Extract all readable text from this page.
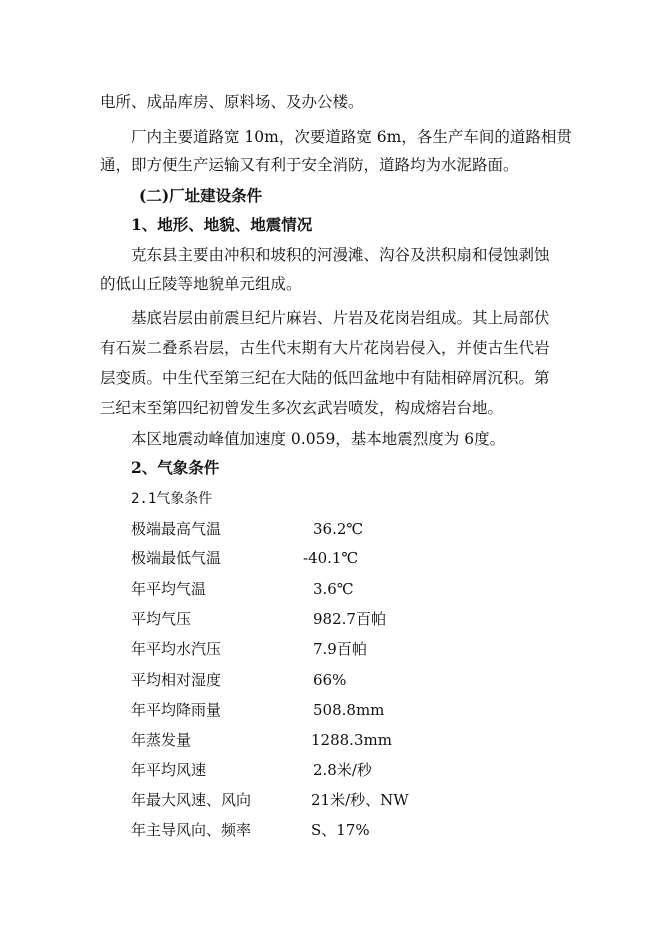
电所、成品库房、原料场、及办公楼。
厂内主要道路宽 10m，次要道路宽 6m，各生产车间的道路相贯
通，即方便生产运输又有利于安全消防，道路均为水泥路面。
(二)厂址建设条件
1、地形、地貌、地震情况
克东县主要由冲积和坡积的河漫滩、沟谷及洪积扇和侵蚀剥蚀
的低山丘陵等地貌单元组成。
基底岩层由前震旦纪片麻岩、片岩及花岗岩组成。其上局部伏
有石炭二叠系岩层，古生代末期有大片花岗岩侵入，并使古生代岩
层变质。中生代至第三纪在大陆的低凹盆地中有陆相碎屑沉积。第
三纪末至第四纪初曾发生多次玄武岩喷发，构成熔岩台地。
本区地震动峰值加速度 0.059，基本地震烈度为 6度。
2、气象条件
2.1气象条件
极端最高气温	36.2℃
极端最低气温	-40.1℃
年平均气温	3.6℃
平均气压	982.7百帕
年平均水汽压	7.9百帕
平均相对湿度	66%
年平均降雨量	508.8mm
年蒸发量	1288.3mm
年平均风速	2.8米/秒
年最大风速、风向	21米/秒、NW
年主导风向、频率	S、17%
